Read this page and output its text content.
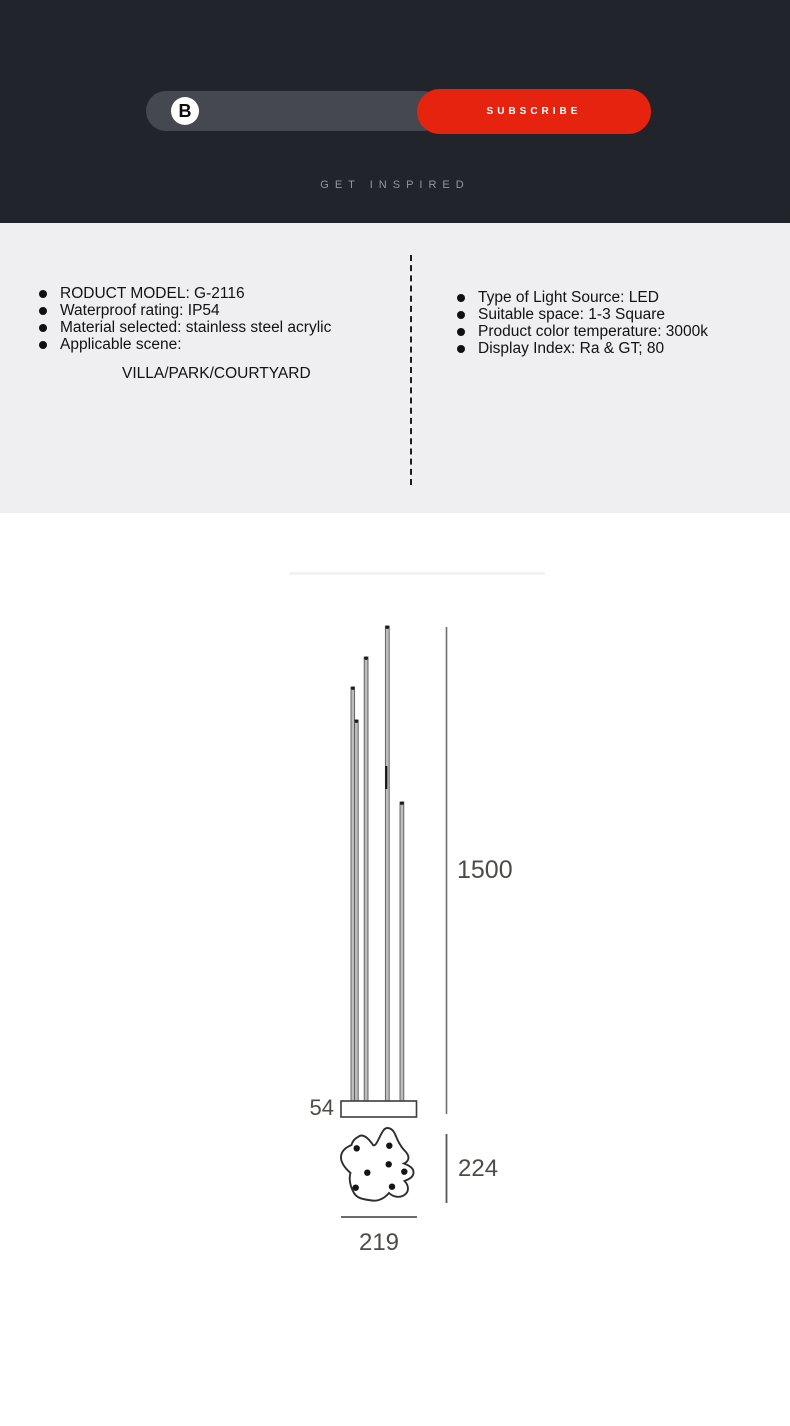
B	SUBSCRIBE
GET INSPIRED
RODUCT MODEL: G-2116
Waterproof rating: IP54
Material selected: stainless steel acrylic
Applicable scene:
VILLA/PARK/COURTYARD
Type of Light Source: LED
Suitable space: 1-3 Square
Product color temperature: 3000k
Display Index: Ra & GT; 80
1500
54
224
219
